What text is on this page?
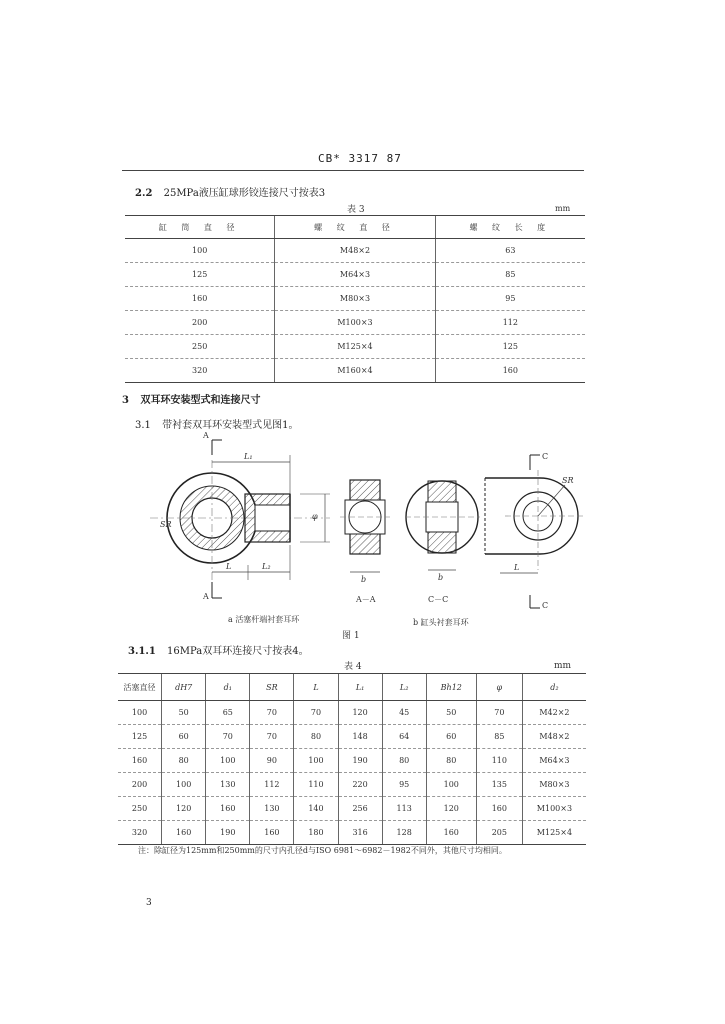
CB* 3317 87
2.2 25MPa液压缸球形铰连接尺寸按表3
表 3	mm
缸 筒 直 径	螺 纹 直 径	螺 纹 长 度
100	M48×2	63
125	M64×3	85
160	M80×3	95
200	M100×3	112
250	M125×4	125
320	M160×4	160
3 双耳环安装型式和连接尺寸
3.1 带衬套双耳环安装型式见图1。
A
A
L₁
L	L₂
SR
φ
b	b
A－A	C－C
C
C
SR
L
a 活塞杆端衬套耳环	b 缸头衬套耳环
图 1
3.1.1 16MPa双耳环连接尺寸按表4。
表 4	mm
活塞直径	dH7	d₁	SR	L	L₁	L₂	Bh12	φ	d₂
100	50	65	70	70	120	45	50	70	M42×2
125	60	70	70	80	148	64	60	85	M48×2
160	80	100	90	100	190	80	80	110	M64×3
200	100	130	112	110	220	95	100	135	M80×3
250	120	160	130	140	256	113	120	160	M100×3
320	160	190	160	180	316	128	160	205	M125×4
注：除缸径为125mm和250mm的尺寸内孔径d与ISO 6981～6982－1982不同外，其他尺寸均相同。
3
